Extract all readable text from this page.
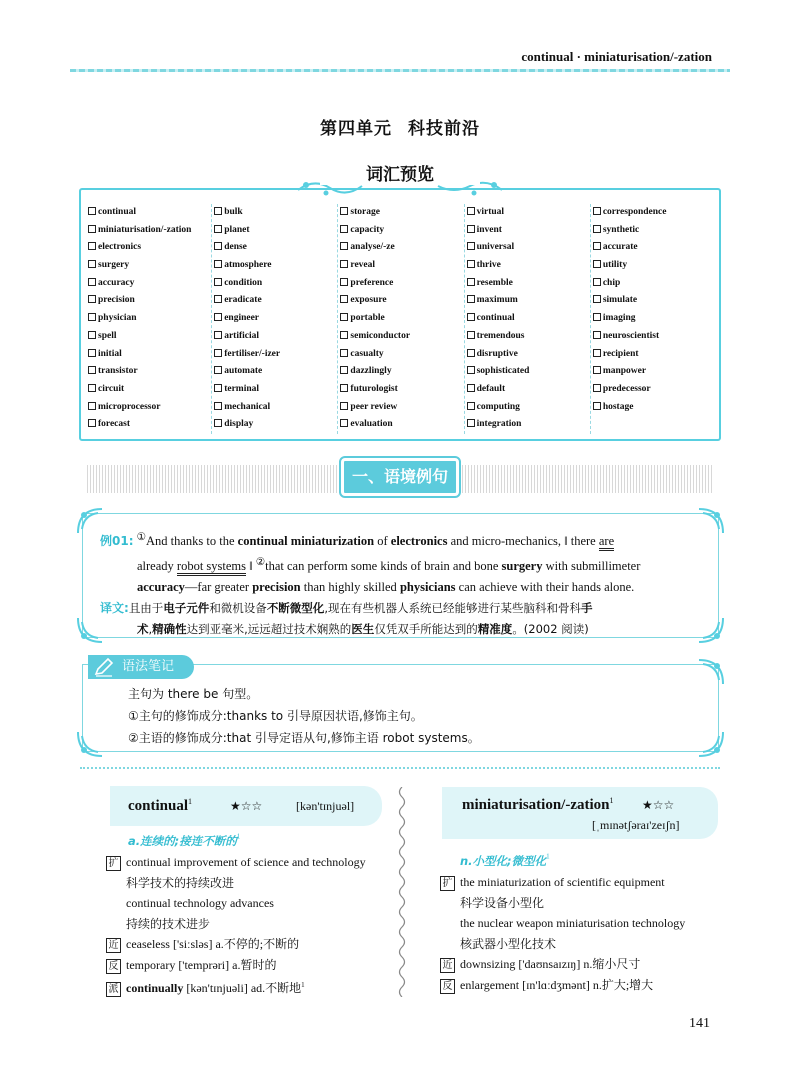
continual · miniaturisation/-zation
第四单元 科技前沿
词汇预览
continual
miniaturisation/-zation
electronics
surgery
accuracy
precision
physician
spell
initial
transistor
circuit
microprocessor
forecast
bulk
planet
dense
atmosphere
condition
eradicate
engineer
artificial
fertiliser/-izer
automate
terminal
mechanical
display
storage
capacity
analyse/-ze
reveal
preference
exposure
portable
semiconductor
casualty
dazzlingly
futurologist
peer review
evaluation
virtual
invent
universal
thrive
resemble
maximum
continual
tremendous
disruptive
sophisticated
default
computing
integration
correspondence
synthetic
accurate
utility
chip
simulate
imaging
neuroscientist
recipient
manpower
predecessor
hostage
一、语境例句
例01: ①And thanks to the continual miniaturization of electronics and micro-mechanics, ‖ there are
already robot systems ‖ ②that can perform some kinds of brain and bone surgery with submillimeter
accuracy—far greater precision than highly skilled physicians can achieve with their hands alone.
译文:且由于电子元件和微机设备不断微型化,现在有些机器人系统已经能够进行某些脑科和骨科手
术,精确性达到亚毫米,远远超过技术娴熟的医生仅凭双手所能达到的精准度。(2002 阅读)
语法笔记
主句为 there be 句型。
①主句的修饰成分:thanks to 引导原因状语,修饰主句。
②主语的修饰成分:that 引导定语从句,修饰主语 robot systems。
continual$^1$	★☆☆	[kən'tɪnjuəl]
a.连续的;接连不断的$^1$
扩 continual improvement of science and technology
科学技术的持续改进
continual technology advances
持续的技术进步
近 ceaseless ['siːsləs] a.不停的;不断的
反 temporary ['temprəri] a.暂时的
派 continually [kən'tɪnjuəli] ad.不断地$^1$
miniaturisation/-zation$^1$ ★☆☆
[ˌmɪnətʃəraɪ'zeɪʃn]
n.小型化;微型化$^1$
扩 the miniaturization of scientific equipment
科学设备小型化
the nuclear weapon miniaturisation technology
核武器小型化技术
近 downsizing ['daʊnsaɪzɪŋ] n.缩小尺寸
反 enlargement [ɪn'lɑːdʒmənt] n.扩大;增大
141
